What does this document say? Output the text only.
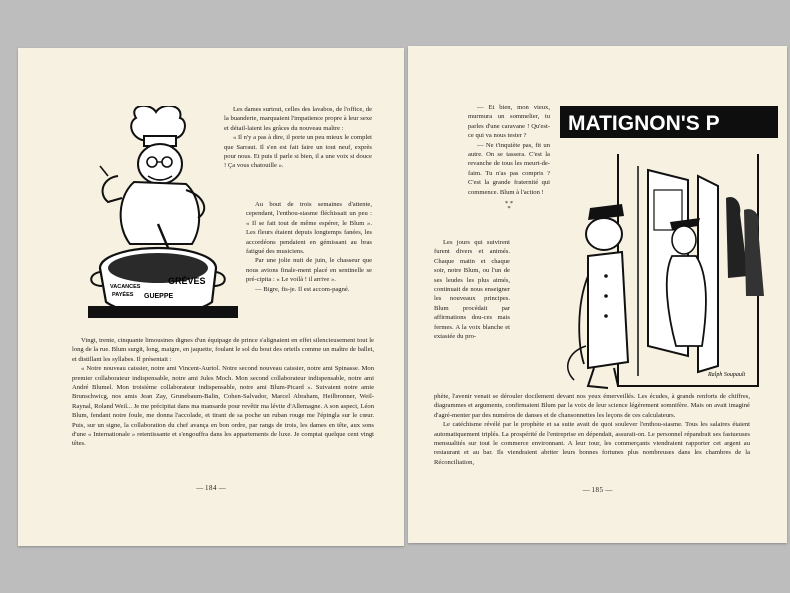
VACANCES
PAYÉES
GRÈVES
GUEPPE

Les dames surtout, celles des lavabos, de l'office, de la buanderie, marquaient l'impatience propre à leur sexe et détail-laient les grâces du nouveau maître :

« Il n'y a pas à dire, il porte un peu mieux le complet que Sarraut. Il s'en est fait faire un tout neuf, exprès pour nous. Et puis il parle si bien, il a une voix si douce ! Ça vous chatouille ».

Au bout de trois semaines d'attente, cependant, l'enthou-siasme fléchissait un peu : « Il se fait tout de même espérer, le Blum ». Les fleurs étaient depuis longtemps fanées, les accordéons pendaient en gémissant au bras fatigué des musiciens.

Par une jolie nuit de juin, le chasseur que nous avions finale-ment placé en sentinelle se pré-cipita : « Le voilà ! il arrive ».

— Bigre, fis-je. Il est accom-pagné.

Vingt, trente, cinquante limousines dignes d'un équipage de prince s'alignaient en effet silencieusement tout le long de la rue. Blum surgit, long, maigre, en jaquette, foulant le sol du bout des orteils comme un maître de ballet, et distillant les syllabes. Il présentait :

« Notre nouveau caissier, notre ami Vincent-Auriol. Notre second nouveau caissier, notre ami Spinasse. Mon premier collaborateur indispensable, notre ami Jules Moch. Mon second collaborateur indispensable, notre ami André Blumel. Mon troisième collaborateur indispensable, notre ami Blum-Picard ». Suivaient notre amie Brunschwicg, nos amis Jean Zay, Grunebaum-Balin, Cohen-Salvador, Marcel Abraham, Heilbronner, Weil-Raynal, Roland Weil... Je me précipitai dans ma mansarde pour revêtir ma lévite d'Allemagne. A son aspect, Léon Blum, fendant notre foule, me donna l'accolade, et tirant de sa poche un ruban rouge me l'épingla sur le cœur. Puis, sur un signe, la collaboration du chef avança en bon ordre, par rangs de trois, les dames en tête, aux sons d'une « Internationale » retentissante et s'engouffra dans les appartements de luxe. Je comptai quelque cent vingt têtes.

— 184 —

— Et bien, mon vieux, murmura un sommelier, tu parles d'une caravane ! Qu'est-ce qui va nous tester ?

— Ne t'inquiète pas, fit un autre. On se tassera. C'est la revanche de tous les meurt-de-faim. Tu n'as pas compris ? C'est la grande fraternité qui commence. Blum à l'action !

* *
*

Les jours qui suivirent furent divers et animés. Chaque matin et chaque soir, notre Blum, ou l'un de ses leudes les plus aimés, continuait de nous enseigner les nouveaux principes. Blum procédait par affirmations dou-ces mais fermes. A la voix blanche et extasiée du pro-

MATIGNON'S P
Ralph Soupault

phète, l'avenir venait se dérouler docilement devant nos yeux émerveillés. Les écudes, à grands renforts de chiffres, diagrammes et arguments, confirmaient Blum par la voix de leur science légèrement somnifère. Mais on avait imaginé d'agré-menter par des numéros de danses et de chansonnettes les leçons de ces calculateurs.

Le catéchisme révélé par le prophète et sa suite avait de quoi soulever l'enthou-siasme. Tous les salaires étaient automatiquement triplés. La prospérité de l'entreprise en dépendait, assurait-on. Le personnel répandrait ses fastueuses mensualités sur tout le commerce environnant. A leur tour, les commerçants viendraient rapporter cet argent au restaurant et au bar. Ils viendraient abriter leurs bonnes fortunes plus nombreuses dans les chambres de la Réconciliation,

— 185 —
